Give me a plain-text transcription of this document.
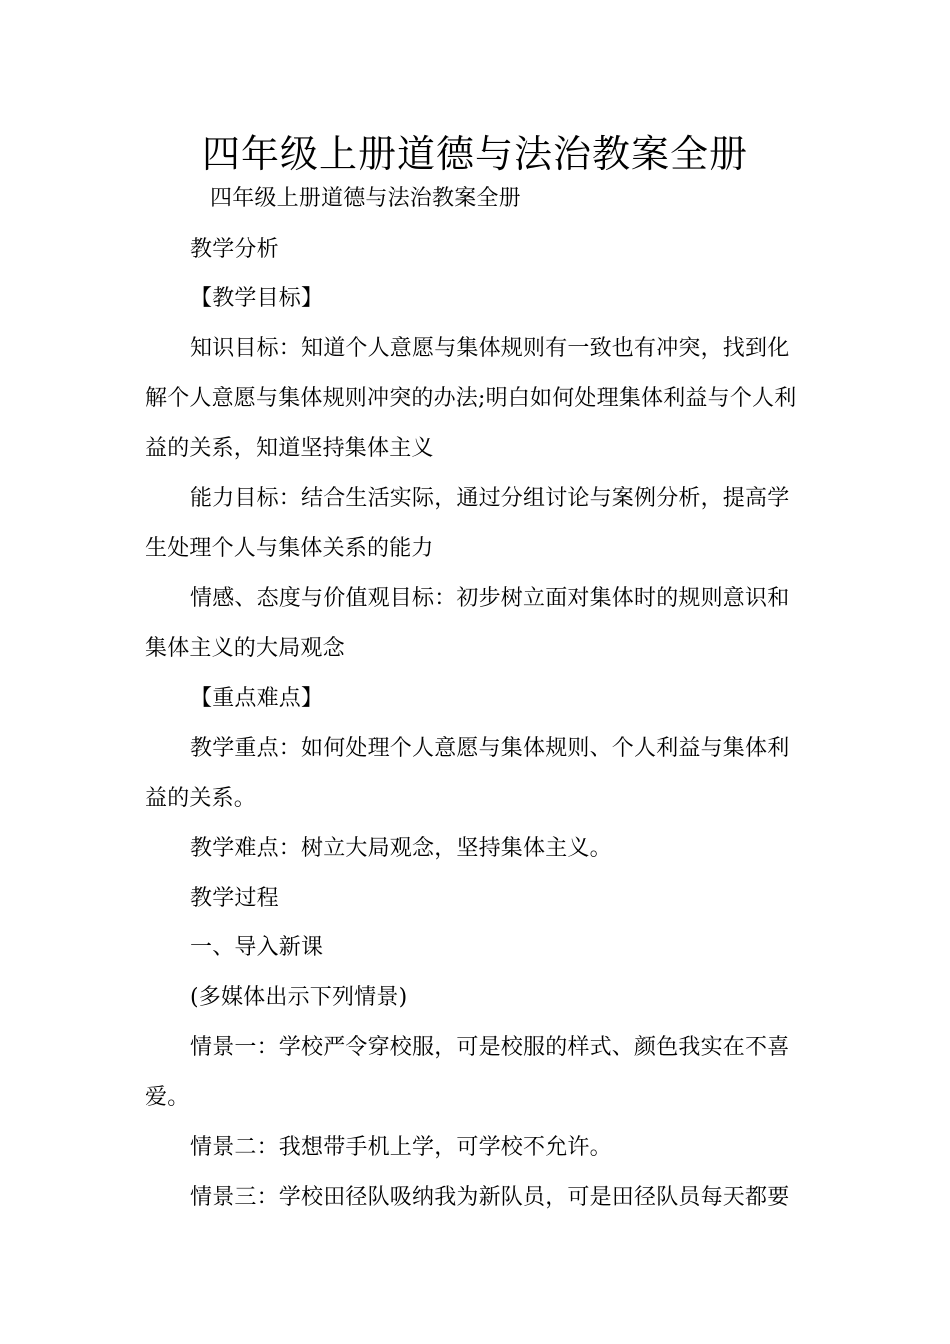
四年级上册道德与法治教案全册
四年级上册道德与法治教案全册
教学分析
【教学目标】
知识目标：知道个人意愿与集体规则有一致也有冲突，找到化
解个人意愿与集体规则冲突的办法;明白如何处理集体利益与个人利
益的关系，知道坚持集体主义
能力目标：结合生活实际，通过分组讨论与案例分析，提高学
生处理个人与集体关系的能力
情感、态度与价值观目标：初步树立面对集体时的规则意识和
集体主义的大局观念
【重点难点】
教学重点：如何处理个人意愿与集体规则、个人利益与集体利
益的关系。
教学难点：树立大局观念，坚持集体主义。
教学过程
一、导入新课
(多媒体出示下列情景)
情景一：学校严令穿校服，可是校服的样式、颜色我实在不喜
爱。
情景二：我想带手机上学，可学校不允许。
情景三：学校田径队吸纳我为新队员，可是田径队员每天都要
